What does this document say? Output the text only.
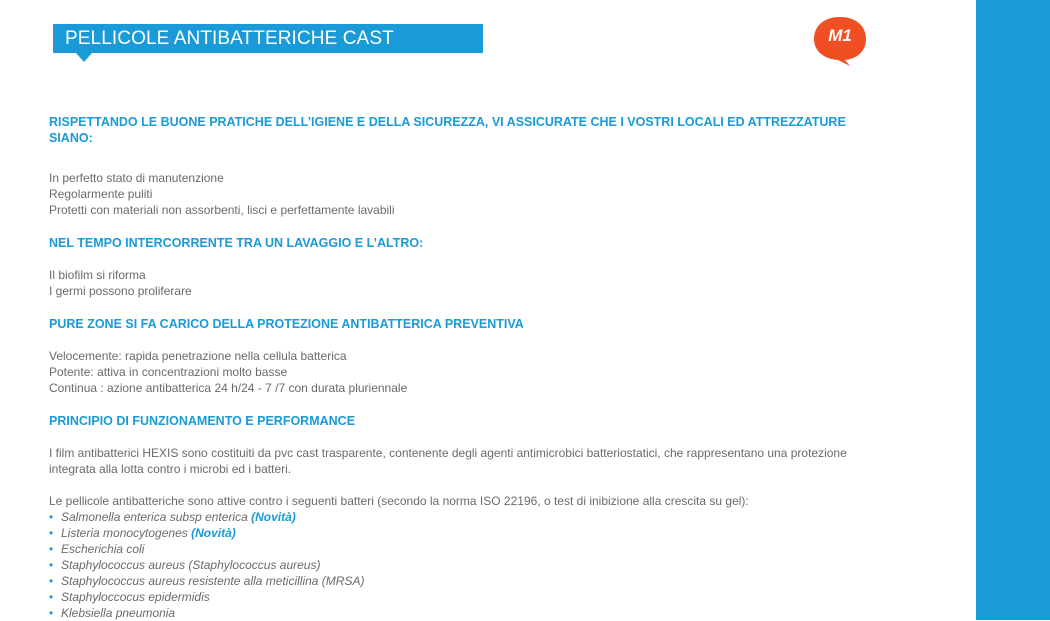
PELLICOLE ANTIBATTERICHE CAST	M1

RISPETTANDO LE BUONE PRATICHE DELL’IGIENE E DELLA SICUREZZA, VI ASSICURATE CHE I VOSTRI LOCALI ED ATTREZZATURE SIANO:

In perfetto stato di manutenzione

Regolarmente puliti

Protetti con materiali non assorbenti, lisci e perfettamente lavabili

NEL TEMPO INTERCORRENTE TRA UN LAVAGGIO E L’ALTRO:

Il biofilm si riforma

I germi possono proliferare

PURE ZONE SI FA CARICO DELLA PROTEZIONE ANTIBATTERICA PREVENTIVA

Velocemente: rapida penetrazione nella cellula batterica

Potente: attiva in concentrazioni molto basse

Continua : azione antibatterica 24 h/24 - 7 /7 con durata pluriennale

PRINCIPIO DI FUNZIONAMENTO E PERFORMANCE

I film antibatterici HEXIS sono costituiti da pvc cast trasparente, contenente degli agenti antimicrobici batteriostatici, che rappresentano una protezione integrata alla lotta contro i microbi ed i batteri.

Le pellicole antibatteriche sono attive contro i seguenti batteri (secondo la norma ISO 22196, o test di inibizione alla crescita su gel):

• Salmonella enterica subsp enterica (Novità)
• Listeria monocytogenes (Novità)
• Escherichia coli
• Staphylococcus aureus (Staphylococcus aureus)
• Staphylococcus aureus resistente alla meticillina (MRSA)
• Staphyloccocus epidermidis
• Klebsiella pneumonia
